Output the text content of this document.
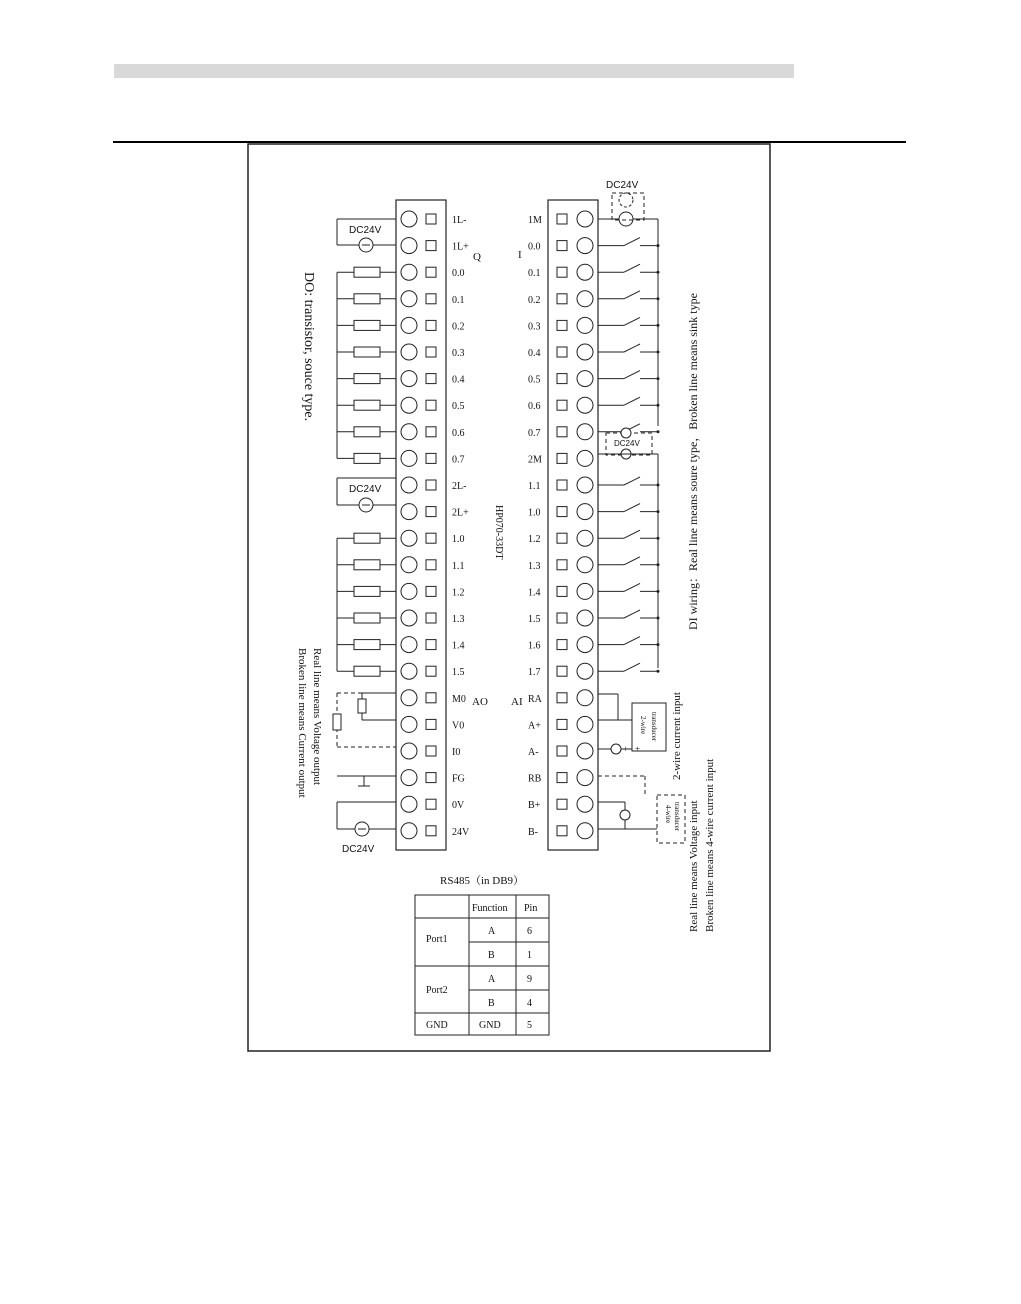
1L-
1L+
0.0
0.1
0.2
0.3
0.4
0.5
0.6
0.7
2L-
2L+
1.0
1.1
1.2
1.3
1.4
1.5
M0
V0
I0
FG
0V
24V
1M
0.0
0.1
0.2
0.3
0.4
0.5
0.6
0.7
2M
1.1
1.0
1.2
1.3
1.4
1.5
1.6
1.7
RA
A+
A-
RB
B+
B-
Q	I
AO AI
HP070-33DT
DC24V
DC24V
DC24V
DC24V
DC24V
2-wire transducer
+ +
4-wire transducer
DO: transistor, souce type.
Real line means Voltage output
Broken line means Current output
DI wiring：Real line means soure type，Broken line means sink type
2-wire current input
Real line means Voltage input Broken line means 4-wire current input
RS485（in DB9）
Function Pin
Port1
Port2
GND
A
B
A
B
GND
6
1
9
4
5
